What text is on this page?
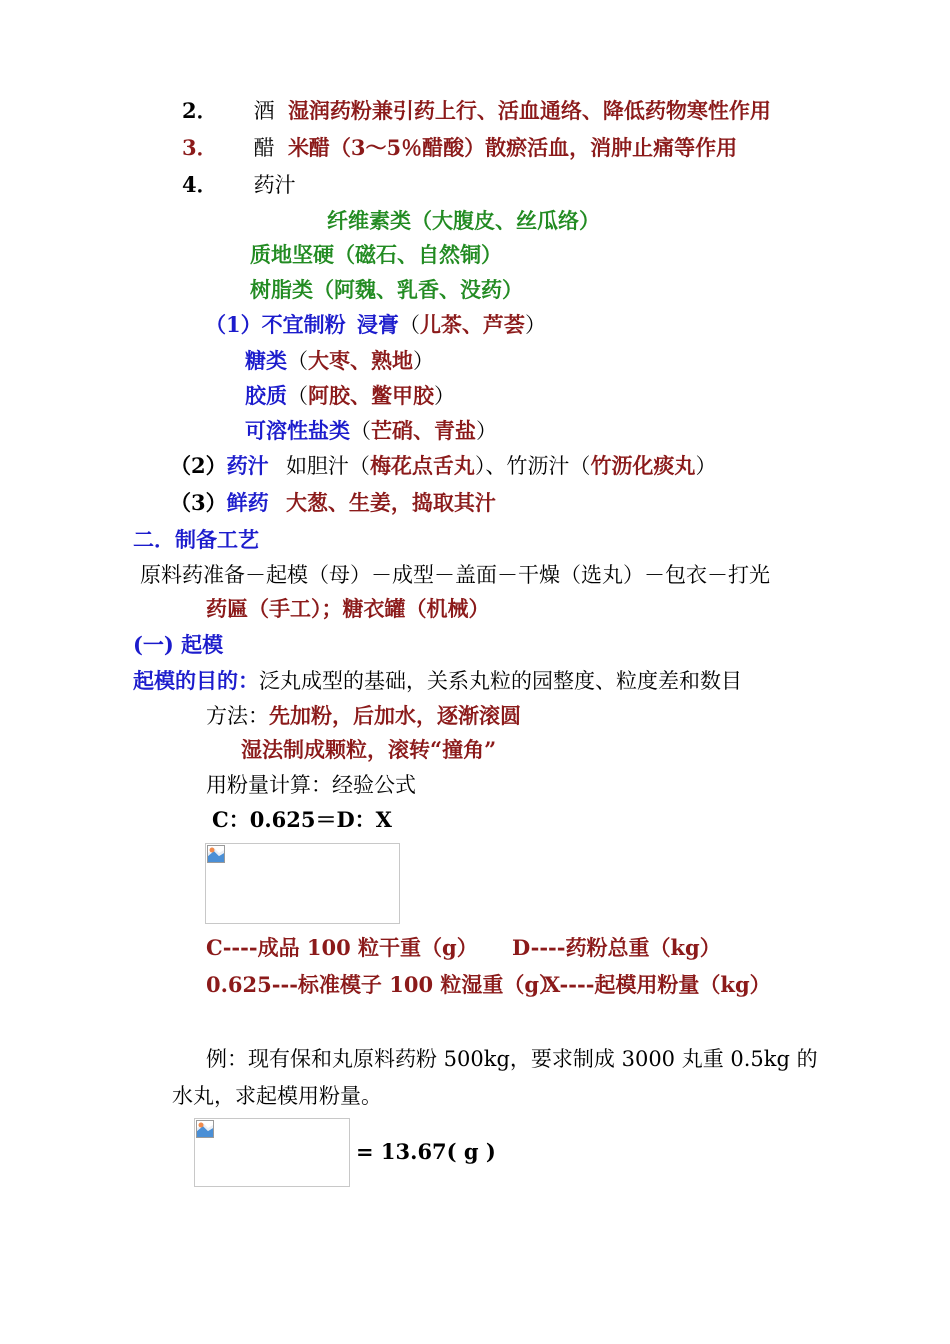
2． 酒 湿润药粉兼引药上行、活血通络、降低药物寒性作用
3． 醋 米醋（3～5％醋酸）散瘀活血，消肿止痛等作用
4． 药汁
纤维素类（大腹皮、丝瓜络）
质地坚硬（磁石、自然铜）
树脂类（阿魏、乳香、没药）
（1）不宜制粉 浸膏（儿茶、芦荟）
糖类（大枣、熟地）
胶质（阿胶、鳖甲胶）
可溶性盐类（芒硝、青盐）
（2）药汁 如胆汁（梅花点舌丸）、竹沥汁（竹沥化痰丸）
（3）鲜药 大葱、生姜，捣取其汁
二．制备工艺
原料药准备－起模（母）－成型－盖面－干燥（选丸）－包衣－打光
药匾（手工）；糖衣罐（机械）
(一) 起模
起模的目的：泛丸成型的基础，关系丸粒的园整度、粒度差和数目
方法：先加粉，后加水，逐渐滚圆
湿法制成颗粒，滚转“撞角”
用粉量计算：经验公式
C：0.625＝D：X
C----成品 100 粒干重（g） D----药粉总重（kg）
0.625---标准模子 100 粒湿重（g）
X----起模用粉量（kg）
例：现有保和丸原料药粉 500kg，要求制成 3000 丸重 0.5kg 的
水丸，求起模用粉量。
= 13.67( g )
